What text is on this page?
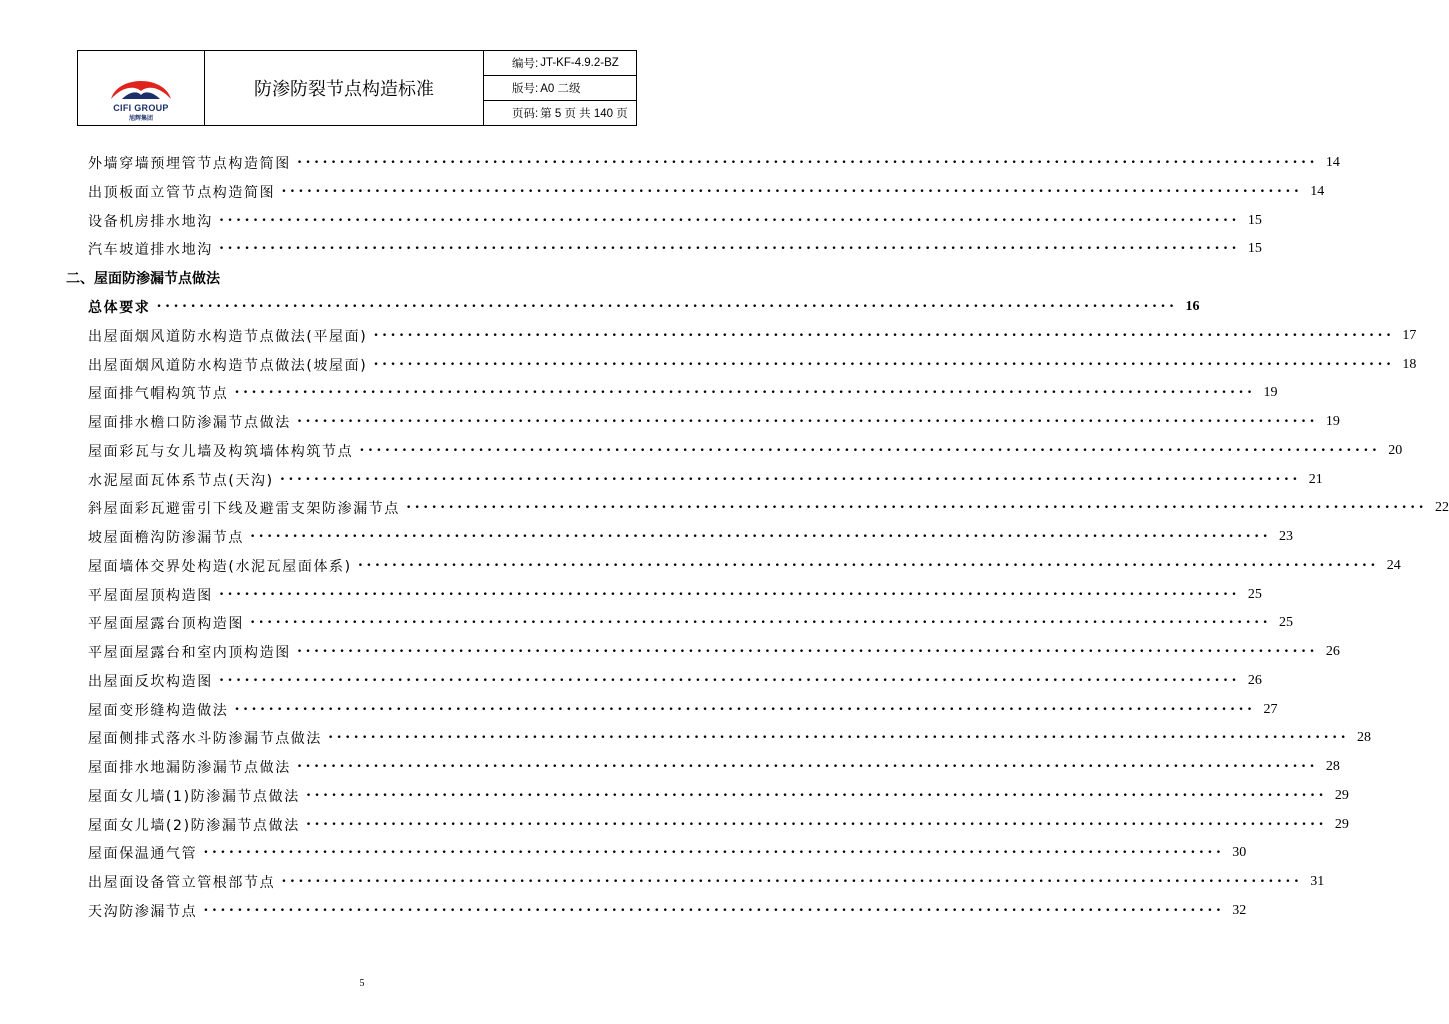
CIFI GROUP
旭辉集团
防渗防裂节点构造标准
编号: JT-KF-4.9.2-BZ
版号: A0 二级
页码: 第 5 页 共 140 页
二、屋面防渗漏节点做法
外墙穿墙预埋管节点构造简图 •••••••••••••••••••••••••••••••••••••••••••••••••••••••••••••••••••••••••••••••••••••••••••••••••••••••••••••••••••••••• 14
出顶板面立管节点构造简图 •••••••••••••••••••••••••••••••••••••••••••••••••••••••••••••••••••••••••••••••••••••••••••••••••••••••••••••••••••••••• 14
设备机房排水地沟 •••••••••••••••••••••••••••••••••••••••••••••••••••••••••••••••••••••••••••••••••••••••••••••••••••••••••••••••••••••••• 15
汽车坡道排水地沟 •••••••••••••••••••••••••••••••••••••••••••••••••••••••••••••••••••••••••••••••••••••••••••••••••••••••••••••••••••••••• 15
总体要求 •••••••••••••••••••••••••••••••••••••••••••••••••••••••••••••••••••••••••••••••••••••••••••••••••••••••••••••••••••••••• 16
出屋面烟风道防水构造节点做法(平屋面) •••••••••••••••••••••••••••••••••••••••••••••••••••••••••••••••••••••••••••••••••••••••••••••••••••••••••••••••••••••••• 17
出屋面烟风道防水构造节点做法(坡屋面) •••••••••••••••••••••••••••••••••••••••••••••••••••••••••••••••••••••••••••••••••••••••••••••••••••••••••••••••••••••••• 18
屋面排气帽构筑节点 •••••••••••••••••••••••••••••••••••••••••••••••••••••••••••••••••••••••••••••••••••••••••••••••••••••••••••••••••••••••• 19
屋面排水檐口防渗漏节点做法 •••••••••••••••••••••••••••••••••••••••••••••••••••••••••••••••••••••••••••••••••••••••••••••••••••••••••••••••••••••••• 19
屋面彩瓦与女儿墙及构筑墙体构筑节点 •••••••••••••••••••••••••••••••••••••••••••••••••••••••••••••••••••••••••••••••••••••••••••••••••••••••••••••••••••••••• 20
水泥屋面瓦体系节点(天沟) •••••••••••••••••••••••••••••••••••••••••••••••••••••••••••••••••••••••••••••••••••••••••••••••••••••••••••••••••••••••• 21
斜屋面彩瓦避雷引下线及避雷支架防渗漏节点 •••••••••••••••••••••••••••••••••••••••••••••••••••••••••••••••••••••••••••••••••••••••••••••••••••••••••••••••••••••••• 22
坡屋面檐沟防渗漏节点 •••••••••••••••••••••••••••••••••••••••••••••••••••••••••••••••••••••••••••••••••••••••••••••••••••••••••••••••••••••••• 23
屋面墙体交界处构造(水泥瓦屋面体系) •••••••••••••••••••••••••••••••••••••••••••••••••••••••••••••••••••••••••••••••••••••••••••••••••••••••••••••••••••••••• 24
平屋面屋顶构造图 •••••••••••••••••••••••••••••••••••••••••••••••••••••••••••••••••••••••••••••••••••••••••••••••••••••••••••••••••••••••• 25
平屋面屋露台顶构造图 •••••••••••••••••••••••••••••••••••••••••••••••••••••••••••••••••••••••••••••••••••••••••••••••••••••••••••••••••••••••• 25
平屋面屋露台和室内顶构造图 •••••••••••••••••••••••••••••••••••••••••••••••••••••••••••••••••••••••••••••••••••••••••••••••••••••••••••••••••••••••• 26
出屋面反坎构造图 •••••••••••••••••••••••••••••••••••••••••••••••••••••••••••••••••••••••••••••••••••••••••••••••••••••••••••••••••••••••• 26
屋面变形缝构造做法 •••••••••••••••••••••••••••••••••••••••••••••••••••••••••••••••••••••••••••••••••••••••••••••••••••••••••••••••••••••••• 27
屋面侧排式落水斗防渗漏节点做法 •••••••••••••••••••••••••••••••••••••••••••••••••••••••••••••••••••••••••••••••••••••••••••••••••••••••••••••••••••••••• 28
屋面排水地漏防渗漏节点做法 •••••••••••••••••••••••••••••••••••••••••••••••••••••••••••••••••••••••••••••••••••••••••••••••••••••••••••••••••••••••• 28
屋面女儿墙(1)防渗漏节点做法 •••••••••••••••••••••••••••••••••••••••••••••••••••••••••••••••••••••••••••••••••••••••••••••••••••••••••••••••••••••••• 29
屋面女儿墙(2)防渗漏节点做法 •••••••••••••••••••••••••••••••••••••••••••••••••••••••••••••••••••••••••••••••••••••••••••••••••••••••••••••••••••••••• 29
屋面保温通气管 •••••••••••••••••••••••••••••••••••••••••••••••••••••••••••••••••••••••••••••••••••••••••••••••••••••••••••••••••••••••• 30
出屋面设备管立管根部节点 •••••••••••••••••••••••••••••••••••••••••••••••••••••••••••••••••••••••••••••••••••••••••••••••••••••••••••••••••••••••• 31
天沟防渗漏节点 •••••••••••••••••••••••••••••••••••••••••••••••••••••••••••••••••••••••••••••••••••••••••••••••••••••••••••••••••••••••• 32
5
